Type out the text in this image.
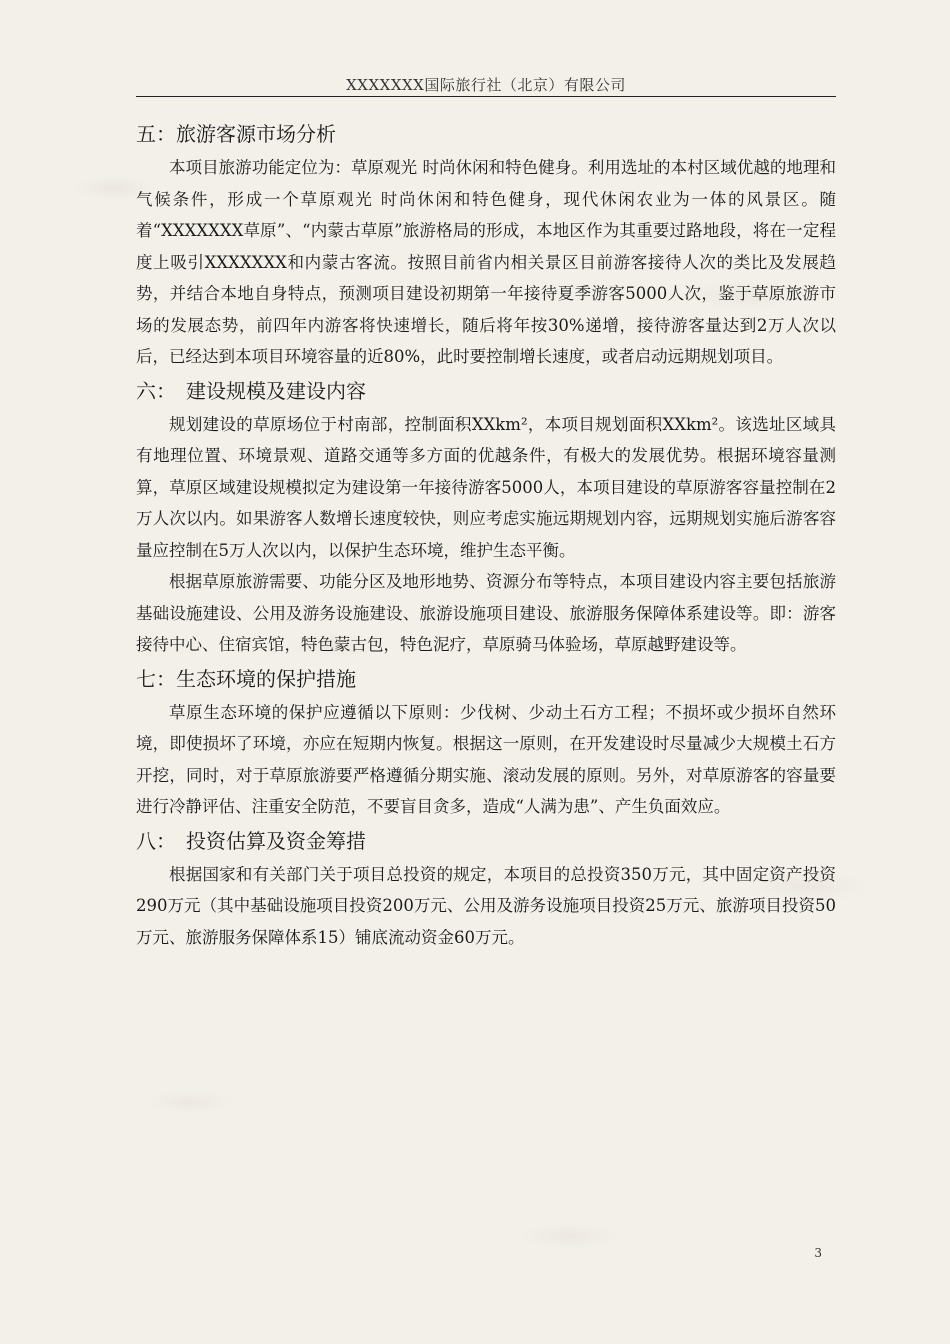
XXXXXXX国际旅行社（北京）有限公司
五：旅游客源市场分析

本项目旅游功能定位为：草原观光 时尚休闲和特色健身。利用选址的本村区域优越的地理和气候条件，形成一个草原观光 时尚休闲和特色健身，现代休闲农业为一体的风景区。随着“XXXXXXX草原”、“内蒙古草原”旅游格局的形成，本地区作为其重要过路地段，将在一定程度上吸引XXXXXXX和内蒙古客流。按照目前省内相关景区目前游客接待人次的类比及发展趋势，并结合本地自身特点，预测项目建设初期第一年接待夏季游客5000人次，鉴于草原旅游市场的发展态势，前四年内游客将快速增长，随后将年按30%递增，接待游客量达到2万人次以后，已经达到本项目环境容量的近80%，此时要控制增长速度，或者启动远期规划项目。

六：　建设规模及建设内容

规划建设的草原场位于村南部，控制面积XXkm²，本项目规划面积XXkm²。该选址区域具有地理位置、环境景观、道路交通等多方面的优越条件，有极大的发展优势。根据环境容量测算，草原区域建设规模拟定为建设第一年接待游客5000人，本项目建设的草原游客容量控制在2万人次以内。如果游客人数增长速度较快，则应考虑实施远期规划内容，远期规划实施后游客容量应控制在5万人次以内，以保护生态环境，维护生态平衡。

根据草原旅游需要、功能分区及地形地势、资源分布等特点，本项目建设内容主要包括旅游基础设施建设、公用及游务设施建设、旅游设施项目建设、旅游服务保障体系建设等。即：游客接待中心、住宿宾馆，特色蒙古包，特色泥疗，草原骑马体验场，草原越野建设等。

七：生态环境的保护措施

草原生态环境的保护应遵循以下原则：少伐树、少动土石方工程；不损坏或少损坏自然环境，即使损坏了环境，亦应在短期内恢复。根据这一原则，在开发建设时尽量减少大规模土石方开挖，同时，对于草原旅游要严格遵循分期实施、滚动发展的原则。另外，对草原游客的容量要进行冷静评估、注重安全防范，不要盲目贪多，造成“人满为患”、产生负面效应。

八：　投资估算及资金筹措

根据国家和有关部门关于项目总投资的规定，本项目的总投资350万元，其中固定资产投资290万元（其中基础设施项目投资200万元、公用及游务设施项目投资25万元、旅游项目投资50万元、旅游服务保障体系15）铺底流动资金60万元。

3
